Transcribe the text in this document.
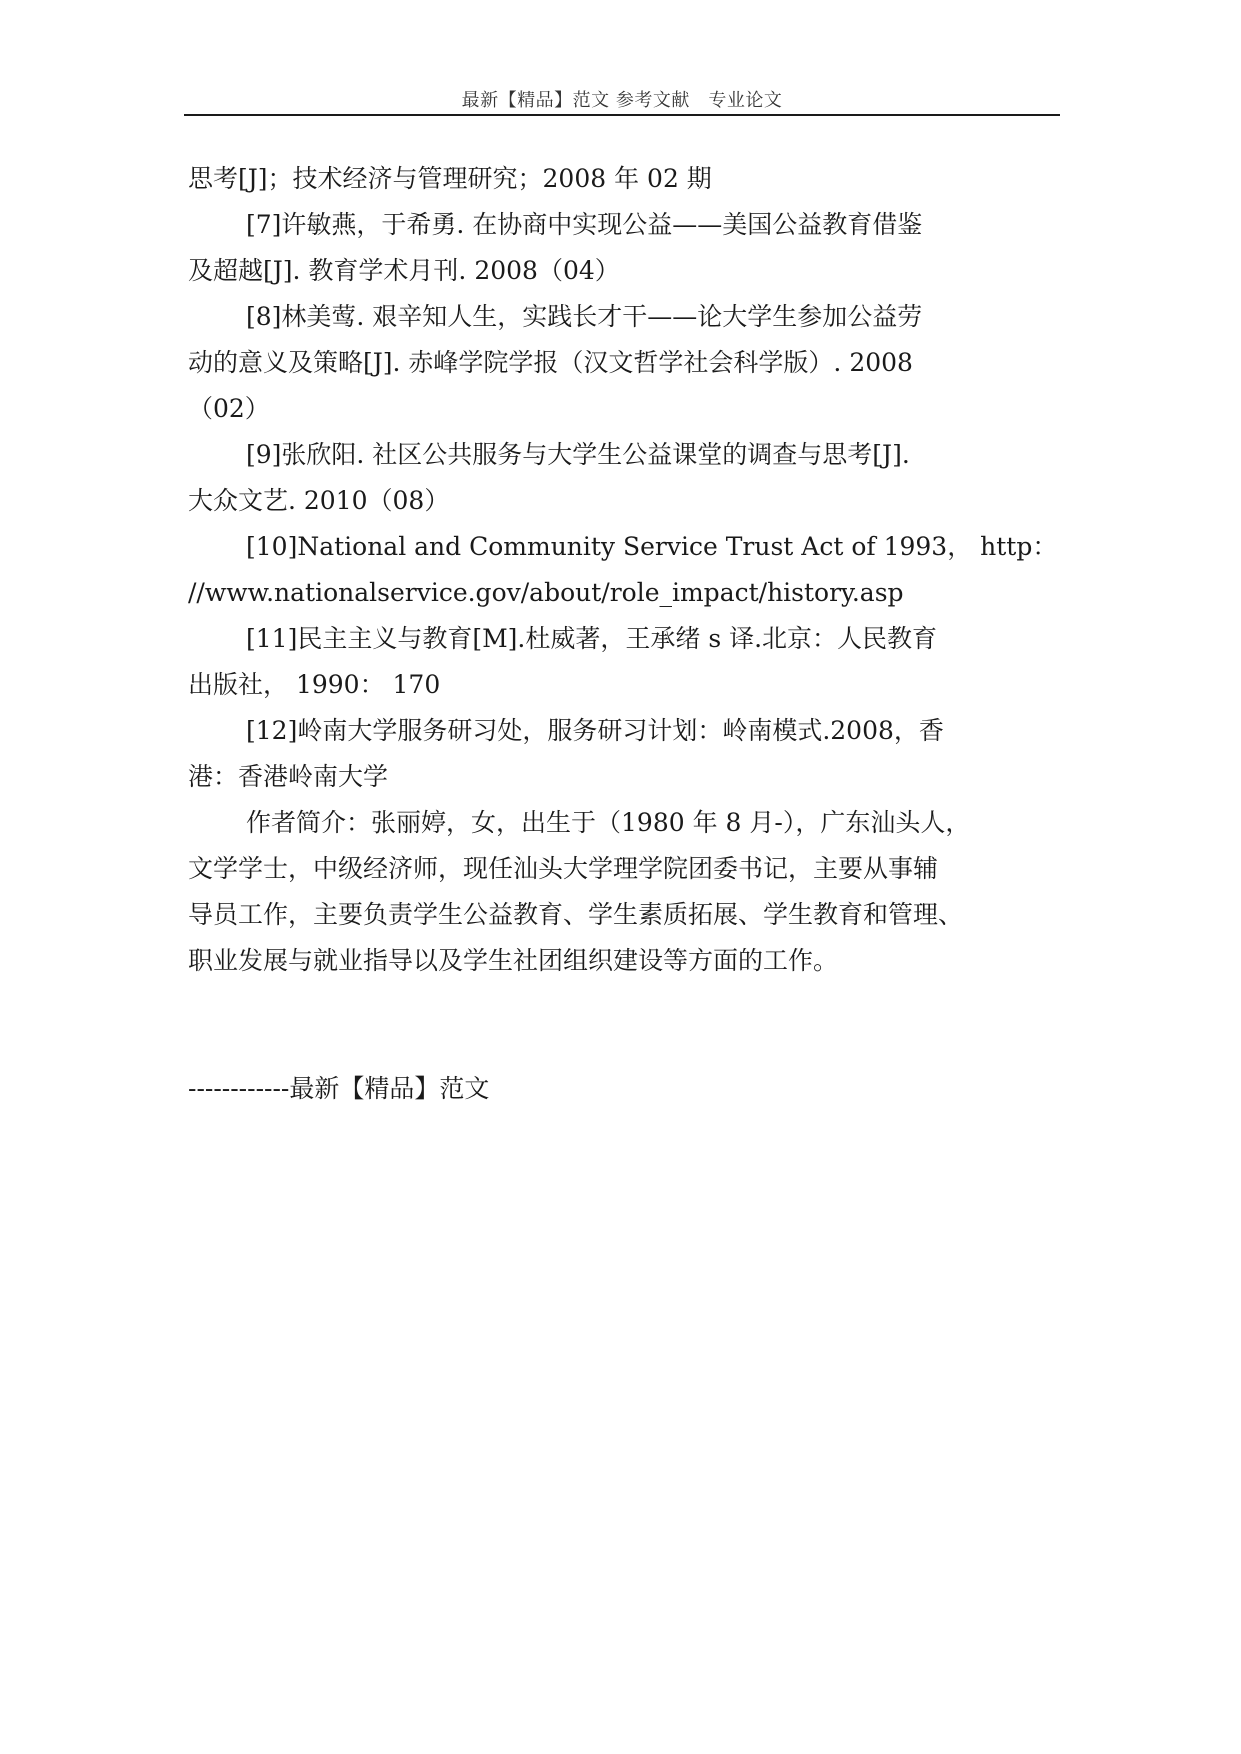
最新【精品】范文 参考文献　专业论文
思考[J]；技术经济与管理研究；2008 年 02 期
[7]许敏燕，于希勇. 在协商中实现公益——美国公益教育借鉴
及超越[J]. 教育学术月刊. 2008（04）
[8]林美莺. 艰辛知人生，实践长才干——论大学生参加公益劳
动的意义及策略[J]. 赤峰学院学报（汉文哲学社会科学版）. 2008
（02）
[9]张欣阳. 社区公共服务与大学生公益课堂的调查与思考[J].
大众文艺. 2010（08）
[10]National and Community Service Trust Act of 1993， http：
//www.nationalservice.gov/about/role_impact/history.asp
[11]民主主义与教育[M].杜威著，王承绪 s 译.北京：人民教育
出版社， 1990： 170
[12]岭南大学服务研习处，服务研习计划：岭南模式.2008，香
港：香港岭南大学
作者简介：张丽婷，女，出生于（1980 年 8 月-），广东汕头人，
文学学士，中级经济师，现任汕头大学理学院团委书记，主要从事辅
导员工作，主要负责学生公益教育、学生素质拓展、学生教育和管理、
职业发展与就业指导以及学生社团组织建设等方面的工作。
------------最新【精品】范文
